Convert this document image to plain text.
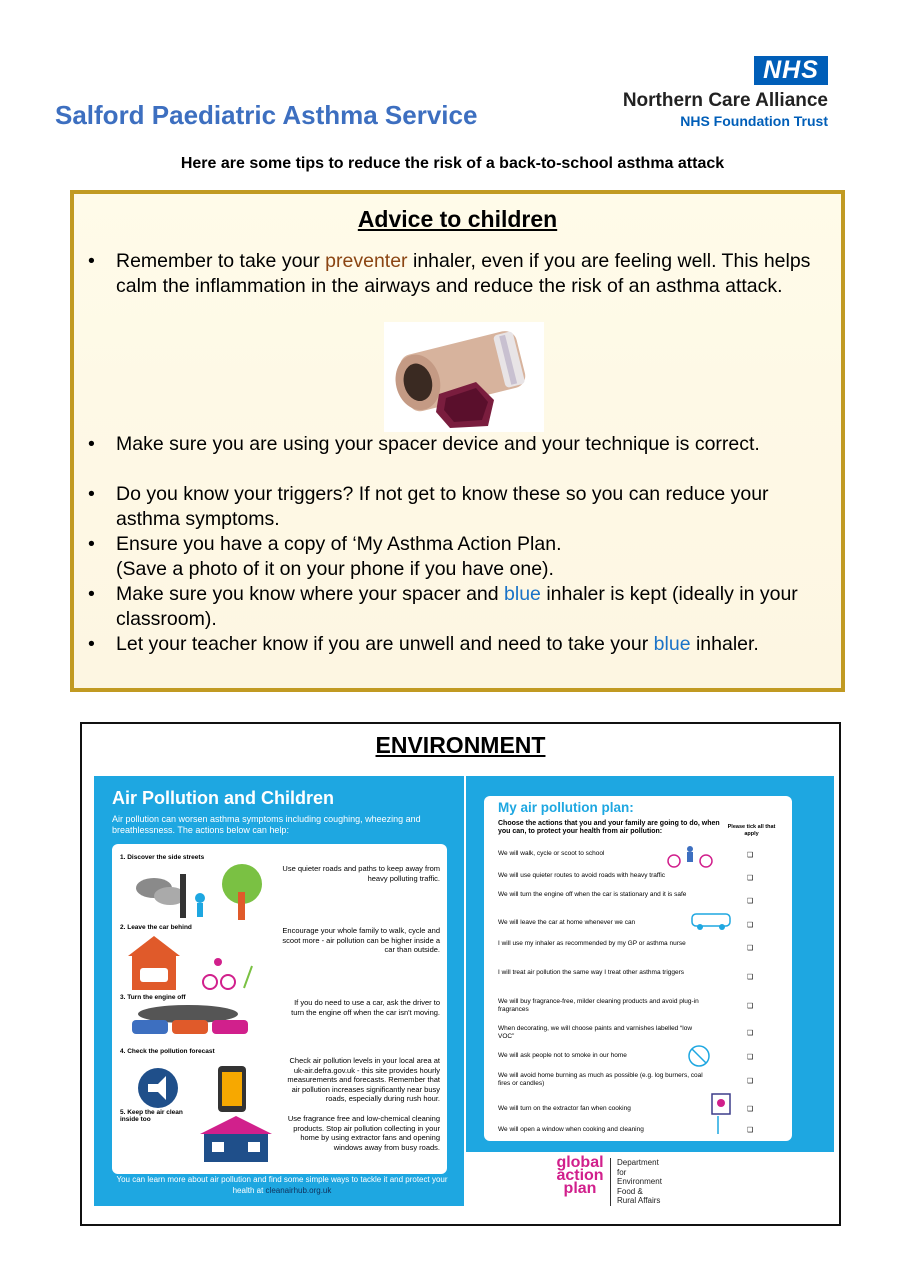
Salford Paediatric Asthma Service
NHS
Northern Care Alliance
NHS Foundation Trust
Here are some tips to reduce the risk of a back-to-school asthma attack
Advice to children
• Remember to take your preventer inhaler, even if you are feeling well. This helps calm the inflammation in the airways and reduce the risk of an asthma attack.
• Make sure you are using your spacer device and your technique is correct.
• Do you know your triggers? If not get to know these so you can reduce your asthma symptoms.
• Ensure you have a copy of ‘My Asthma Action Plan.
(Save a photo of it on your phone if you have one).
• Make sure you know where your spacer and blue inhaler is kept (ideally in your classroom).
• Let your teacher know if you are unwell and need to take your blue inhaler.
ENVIRONMENT
Air Pollution and Children
Air pollution can worsen asthma symptoms including coughing, wheezing and breathlessness. The actions below can help:
1. Discover the side streets
Use quieter roads and paths to keep away from heavy polluting traffic.
2. Leave the car behind	Encourage your whole family to walk, cycle and scoot more - air pollution can be higher inside a car than outside.
3. Turn the engine off
If you do need to use a car, ask the driver to turn the engine off when the car isn't moving.
4. Check the pollution forecast
Check air pollution levels in your local area at uk-air.defra.gov.uk - this site provides hourly measurements and forecasts. Remember that air pollution increases significantly near busy roads, especially during rush hour.
5. Keep the air clean inside too	Use fragrance free and low-chemical cleaning products. Stop air pollution collecting in your home by using extractor fans and opening windows away from busy roads.
You can learn more about air pollution and find some simple ways to tackle it and protect your health at cleanairhub.org.uk
My air pollution plan:
Choose the actions that you and your family are going to do, when you can, to protect your health from air pollution:
Please tick all that apply
We will walk, cycle or scoot to school
We will use quieter routes to avoid roads with heavy traffic
We will turn the engine off when the car is stationary and it is safe
We will leave the car at home whenever we can
I will use my inhaler as recommended by my GP or asthma nurse
I will treat air pollution the same way I treat other asthma triggers
We will buy fragrance-free, milder cleaning products and avoid plug-in fragrances
When decorating, we will choose paints and varnishes labelled “low VOC”
We will ask people not to smoke in our home
We will avoid home burning as much as possible (e.g. log burners, coal fires or candles)
We will turn on the extractor fan when cooking
We will open a window when cooking and cleaning
❑
❑
❑
❑
❑
❑
❑
❑
❑
❑
❑
❑
global action plan
Department
for Environment
Food & Rural Affairs
